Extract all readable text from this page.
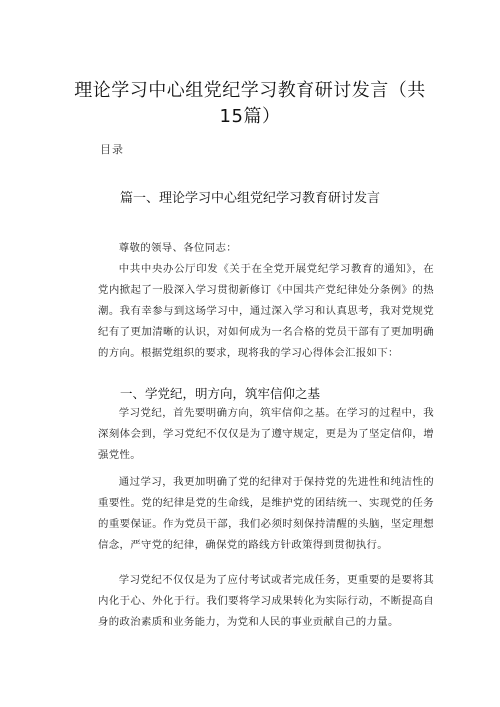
理论学习中心组党纪学习教育研讨发言（共15篇）
目录
篇一、理论学习中心组党纪学习教育研讨发言

尊敬的领导、各位同志：

中共中央办公厅印发《关于在全党开展党纪学习教育的通知》，在党内掀起了一股深入学习贯彻新修订《中国共产党纪律处分条例》的热潮。我有幸参与到这场学习中，通过深入学习和认真思考，我对党规党纪有了更加清晰的认识，对如何成为一名合格的党员干部有了更加明确的方向。根据党组织的要求，现将我的学习心得体会汇报如下：

一、学党纪，明方向，筑牢信仰之基

学习党纪，首先要明确方向，筑牢信仰之基。在学习的过程中，我深刻体会到，学习党纪不仅仅是为了遵守规定，更是为了坚定信仰，增强党性。

通过学习，我更加明确了党的纪律对于保持党的先进性和纯洁性的重要性。党的纪律是党的生命线，是维护党的团结统一、实现党的任务的重要保证。作为党员干部，我们必须时刻保持清醒的头脑，坚定理想信念，严守党的纪律，确保党的路线方针政策得到贯彻执行。

学习党纪不仅仅是为了应付考试或者完成任务，更重要的是要将其内化于心、外化于行。我们要将学习成果转化为实际行动，不断提高自身的政治素质和业务能力，为党和人民的事业贡献自己的力量。
